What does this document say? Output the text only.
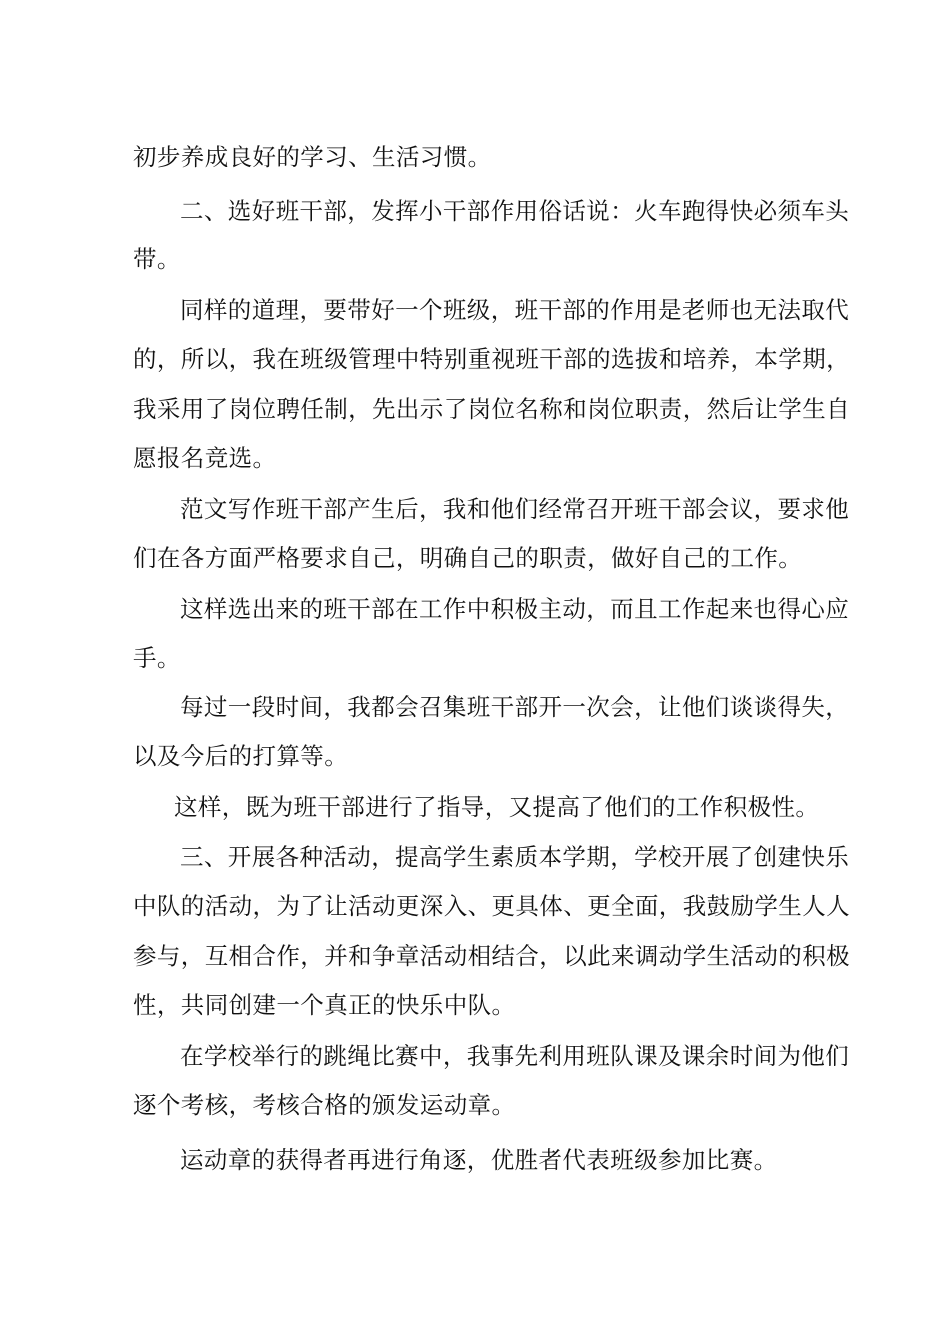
初步养成良好的学习、生活习惯。
二、选好班干部，发挥小干部作用俗话说：火车跑得快必须车头
带。
同样的道理，要带好一个班级，班干部的作用是老师也无法取代
的，所以，我在班级管理中特别重视班干部的选拔和培养，本学期，
我采用了岗位聘任制，先出示了岗位名称和岗位职责，然后让学生自
愿报名竞选。
范文写作班干部产生后，我和他们经常召开班干部会议，要求他
们在各方面严格要求自己，明确自己的职责，做好自己的工作。
这样选出来的班干部在工作中积极主动，而且工作起来也得心应
手。
每过一段时间，我都会召集班干部开一次会，让他们谈谈得失，
以及今后的打算等。
这样，既为班干部进行了指导，又提高了他们的工作积极性。
三、开展各种活动，提高学生素质本学期，学校开展了创建快乐
中队的活动，为了让活动更深入、更具体、更全面，我鼓励学生人人
参与，互相合作，并和争章活动相结合，以此来调动学生活动的积极
性，共同创建一个真正的快乐中队。
在学校举行的跳绳比赛中，我事先利用班队课及课余时间为他们
逐个考核，考核合格的颁发运动章。
运动章的获得者再进行角逐，优胜者代表班级参加比赛。
